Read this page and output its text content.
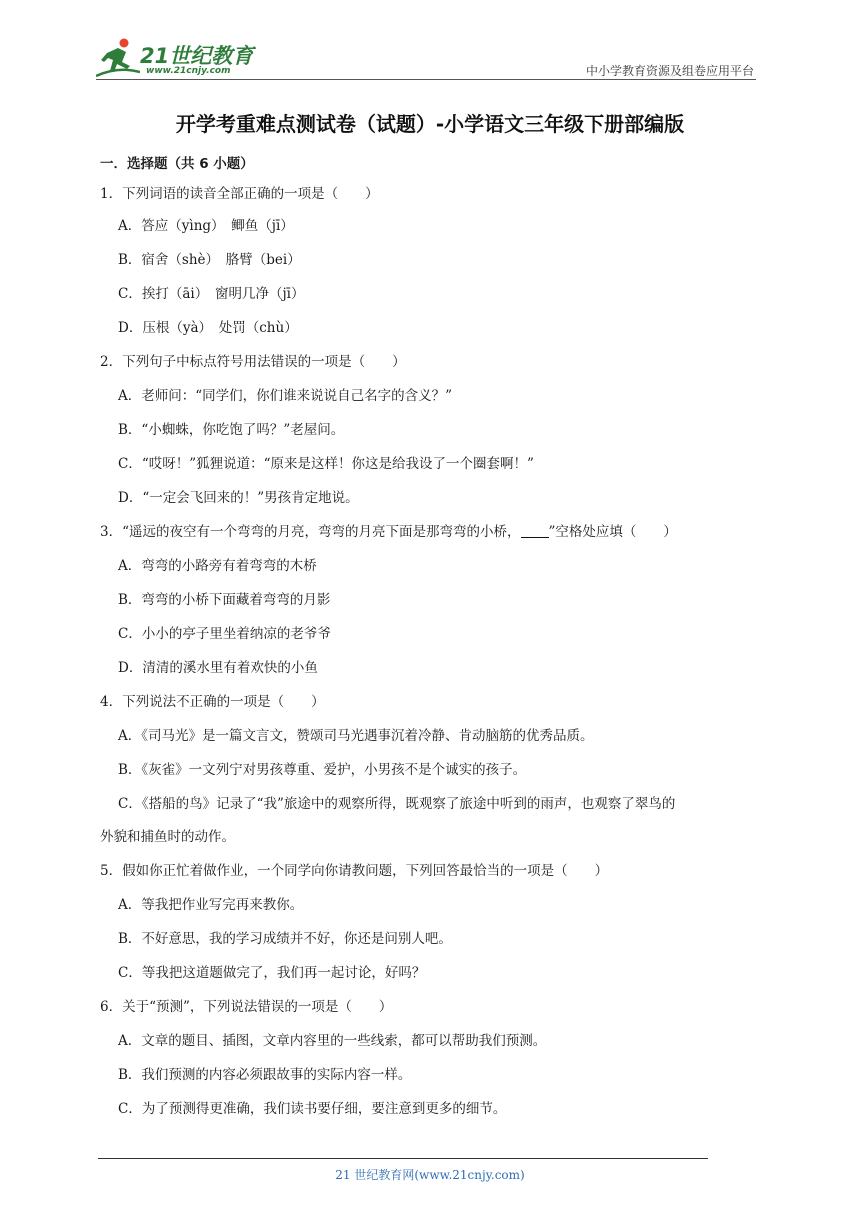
21世纪教育
www.21cnjy.com	中小学教育资源及组卷应用平台
开学考重难点测试卷（试题）-小学语文三年级下册部编版
一．选择题（共 6 小题）
1．下列词语的读音全部正确的一项是（　　）
A．答应（yìng）　鲫鱼（jī）
B．宿舍（shè）　胳臂（bei）
C．挨打（āi）　窗明几净（jī）
D．压根（yà）　处罚（chù）
2．下列句子中标点符号用法错误的一项是（　　）
A．老师问：“同学们，你们谁来说说自己名字的含义？”
B．“小蜘蛛，你吃饱了吗？”老屋问。
C．“哎呀！”狐狸说道：“原来是这样！你这是给我设了一个圈套啊！”
D．“一定会飞回来的！”男孩肯定地说。
3．“遥远的夜空有一个弯弯的月亮，弯弯的月亮下面是那弯弯的小桥， ”空格处应填（　　）
A．弯弯的小路旁有着弯弯的木桥
B．弯弯的小桥下面藏着弯弯的月影
C．小小的亭子里坐着纳凉的老爷爷
D．清清的溪水里有着欢快的小鱼
4．下列说法不正确的一项是（　　）
A．《司马光》是一篇文言文，赞颂司马光遇事沉着冷静、肯动脑筋的优秀品质。
B．《灰雀》一文列宁对男孩尊重、爱护，小男孩不是个诚实的孩子。
C．《搭船的鸟》记录了“我”旅途中的观察所得，既观察了旅途中听到的雨声，也观察了翠鸟的
外貌和捕鱼时的动作。
5．假如你正忙着做作业，一个同学向你请教问题，下列回答最恰当的一项是（　　）
A．等我把作业写完再来教你。
B．不好意思，我的学习成绩并不好，你还是问别人吧。
C．等我把这道题做完了，我们再一起讨论，好吗？
6．关于“预测”，下列说法错误的一项是（　　）
A．文章的题目、插图，文章内容里的一些线索，都可以帮助我们预测。
B．我们预测的内容必须跟故事的实际内容一样。
C．为了预测得更准确，我们读书要仔细，要注意到更多的细节。
21 世纪教育网(www.21cnjy.com)
